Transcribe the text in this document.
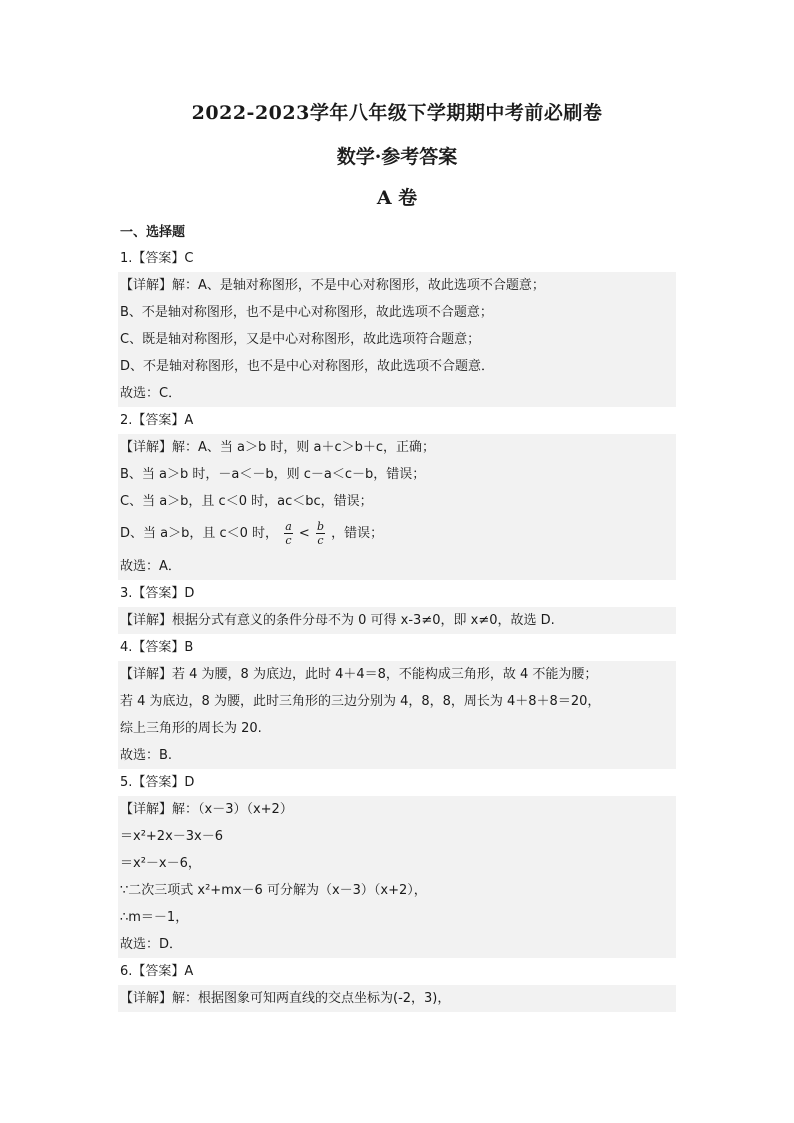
2022-2023学年八年级下学期期中考前必刷卷
数学·参考答案
A 卷
一、选择题
1.【答案】C
【详解】解：A、是轴对称图形，不是中心对称图形，故此选项不合题意；
B、不是轴对称图形，也不是中心对称图形，故此选项不合题意；
C、既是轴对称图形，又是中心对称图形，故此选项符合题意；
D、不是轴对称图形，也不是中心对称图形，故此选项不合题意．
故选：C．
2.【答案】A
【详解】解：A、当 a＞b 时，则 a＋c＞b＋c，正确；
B、当 a＞b 时，－a＜－b，则 c－a＜c－b，错误；
C、当 a＞b，且 c＜0 时，ac＜bc，错误；
D、当 a＞b，且 c＜0 时， $\frac{a}{c} < \frac{b}{c}$ ，错误；
故选：A．
3.【答案】D
【详解】根据分式有意义的条件分母不为 0 可得 x-3≠0，即 x≠0，故选 D.
4.【答案】B
【详解】若 4 为腰，8 为底边，此时 4＋4＝8，不能构成三角形，故 4 不能为腰；
若 4 为底边，8 为腰，此时三角形的三边分别为 4，8，8，周长为 4＋8＋8＝20，
综上三角形的周长为 20.
故选：B.
5.【答案】D
【详解】解：（x－3）（x+2）
＝x²+2x－3x－6
＝x²－x－6，
∵二次三项式 x²+mx－6 可分解为（x－3）（x+2），
∴m＝－1，
故选：D．
6.【答案】A
【详解】解：根据图象可知两直线的交点坐标为(-2，3)，
